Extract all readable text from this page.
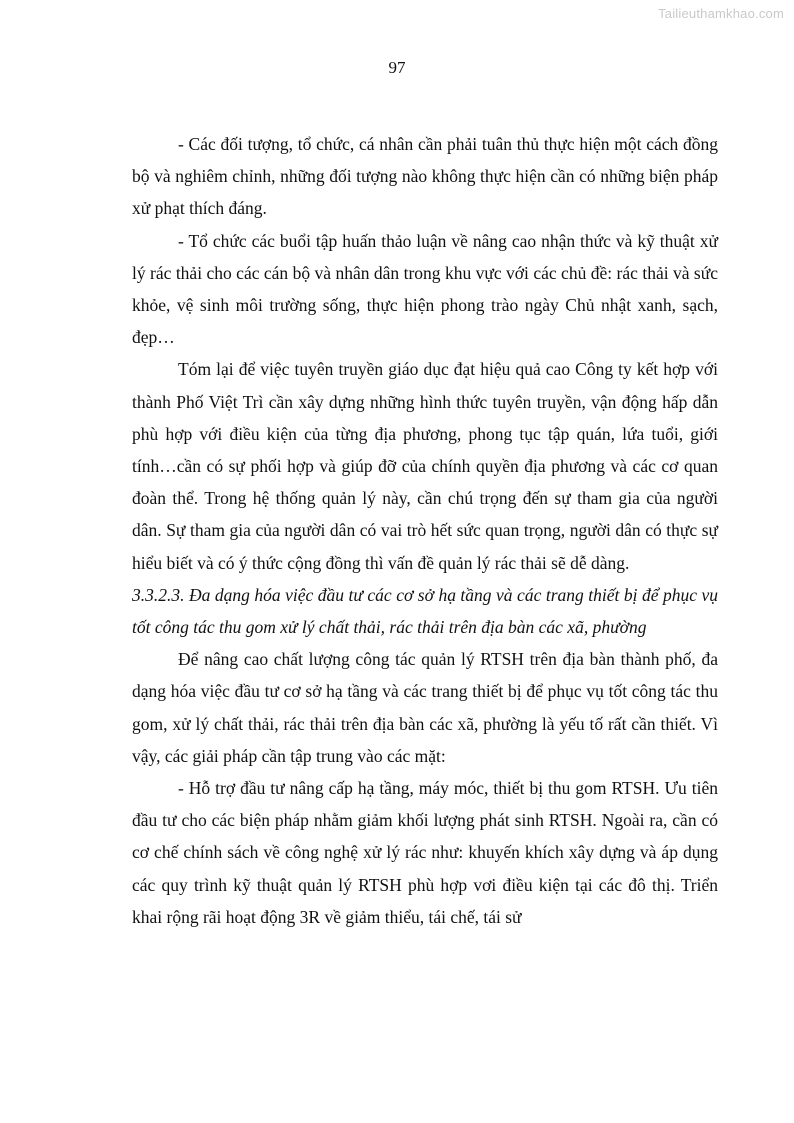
Tailieuthamkhao.com
97

- Các đối tượng, tổ chức, cá nhân cần phải tuân thủ thực hiện một cách đồng bộ và nghiêm chỉnh, những đối tượng nào không thực hiện cần có những biện pháp xử phạt thích đáng.

- Tổ chức các buổi tập huấn thảo luận về nâng cao nhận thức và kỹ thuật xử lý rác thải cho các cán bộ và nhân dân trong khu vực với các chủ đề: rác thải và sức khỏe, vệ sinh môi trường sống, thực hiện phong trào ngày Chủ nhật xanh, sạch, đẹp…

Tóm lại để việc tuyên truyền giáo dục đạt hiệu quả cao Công ty kết hợp với thành Phố Việt Trì cần xây dựng những hình thức tuyên truyền, vận động hấp dẫn phù hợp với điều kiện của từng địa phương, phong tục tập quán, lứa tuổi, giới tính…cần có sự phối hợp và giúp đỡ của chính quyền địa phương và các cơ quan đoàn thể. Trong hệ thống quản lý này, cần chú trọng đến sự tham gia của người dân. Sự tham gia của người dân có vai trò hết sức quan trọng, người dân có thực sự hiểu biết và có ý thức cộng đồng thì vấn đề quản lý rác thải sẽ dễ dàng.

3.3.2.3. Đa dạng hóa việc đầu tư các cơ sở hạ tầng và các trang thiết bị để phục vụ tốt công tác thu gom xử lý chất thải, rác thải trên địa bàn các xã, phường

Để nâng cao chất lượng công tác quản lý RTSH trên địa bàn thành phố, đa dạng hóa việc đầu tư cơ sở hạ tầng và các trang thiết bị để phục vụ tốt công tác thu gom, xử lý chất thải, rác thải trên địa bàn các xã, phường là yếu tố rất cần thiết. Vì vậy, các giải pháp cần tập trung vào các mặt:

- Hỗ trợ đầu tư nâng cấp hạ tầng, máy móc, thiết bị thu gom RTSH. Ưu tiên đầu tư cho các biện pháp nhằm giảm khối lượng phát sinh RTSH. Ngoài ra, cần có cơ chế chính sách về công nghệ xử lý rác như: khuyến khích xây dựng và áp dụng các quy trình kỹ thuật quản lý RTSH phù hợp vơi điều kiện tại các đô thị. Triển khai rộng rãi hoạt động 3R về giảm thiểu, tái chế, tái sử
